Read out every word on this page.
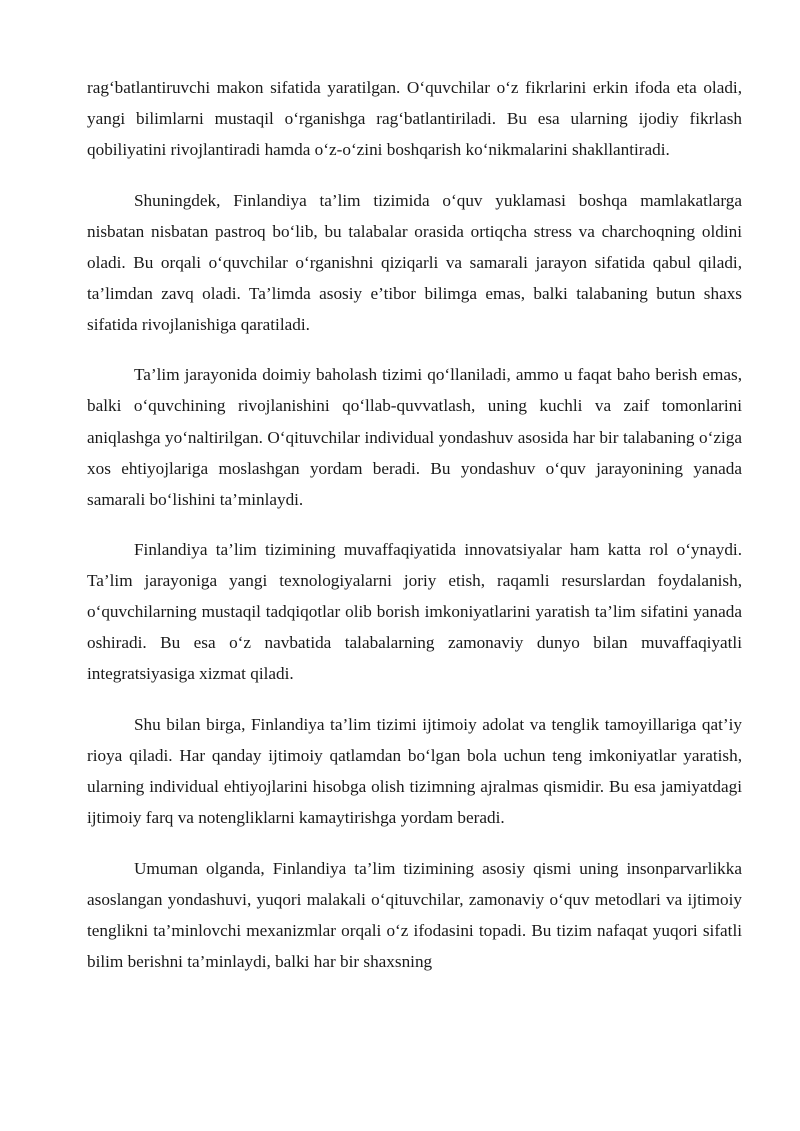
rag‘batlantiruvchi makon sifatida yaratilgan. O‘quvchilar o‘z fikrlarini erkin ifoda eta oladi, yangi bilimlarni mustaqil o‘rganishga rag‘batlantiriladi. Bu esa ularning ijodiy fikrlash qobiliyatini rivojlantiradi hamda o‘z-o‘zini boshqarish ko‘nikmalarini shakllantiradi.

Shuningdek, Finlandiya ta’lim tizimida o‘quv yuklamasi boshqa mamlakatlarga nisbatan nisbatan pastroq bo‘lib, bu talabalar orasida ortiqcha stress va charchoqning oldini oladi. Bu orqali o‘quvchilar o‘rganishni qiziqarli va samarali jarayon sifatida qabul qiladi, ta’limdan zavq oladi. Ta’limda asosiy e’tibor bilimga emas, balki talabaning butun shaxs sifatida rivojlanishiga qaratiladi.

Ta’lim jarayonida doimiy baholash tizimi qo‘llaniladi, ammo u faqat baho berish emas, balki o‘quvchining rivojlanishini qo‘llab-quvvatlash, uning kuchli va zaif tomonlarini aniqlashga yo‘naltirilgan. O‘qituvchilar individual yondashuv asosida har bir talabaning o‘ziga xos ehtiyojlariga moslashgan yordam beradi. Bu yondashuv o‘quv jarayonining yanada samarali bo‘lishini ta’minlaydi.

Finlandiya ta’lim tizimining muvaffaqiyatida innovatsiyalar ham katta rol o‘ynaydi. Ta’lim jarayoniga yangi texnologiyalarni joriy etish, raqamli resurslardan foydalanish, o‘quvchilarning mustaqil tadqiqotlar olib borish imkoniyatlarini yaratish ta’lim sifatini yanada oshiradi. Bu esa o‘z navbatida talabalarning zamonaviy dunyo bilan muvaffaqiyatli integratsiyasiga xizmat qiladi.

Shu bilan birga, Finlandiya ta’lim tizimi ijtimoiy adolat va tenglik tamoyillariga qat’iy rioya qiladi. Har qanday ijtimoiy qatlamdan bo‘lgan bola uchun teng imkoniyatlar yaratish, ularning individual ehtiyojlarini hisobga olish tizimning ajralmas qismidir. Bu esa jamiyatdagi ijtimoiy farq va notengliklarni kamaytirishga yordam beradi.

Umuman olganda, Finlandiya ta’lim tizimining asosiy qismi uning insonparvarlikka asoslangan yondashuvi, yuqori malakali o‘qituvchilar, zamonaviy o‘quv metodlari va ijtimoiy tenglikni ta’minlovchi mexanizmlar orqali o‘z ifodasini topadi. Bu tizim nafaqat yuqori sifatli bilim berishni ta’minlaydi, balki har bir shaxsning
